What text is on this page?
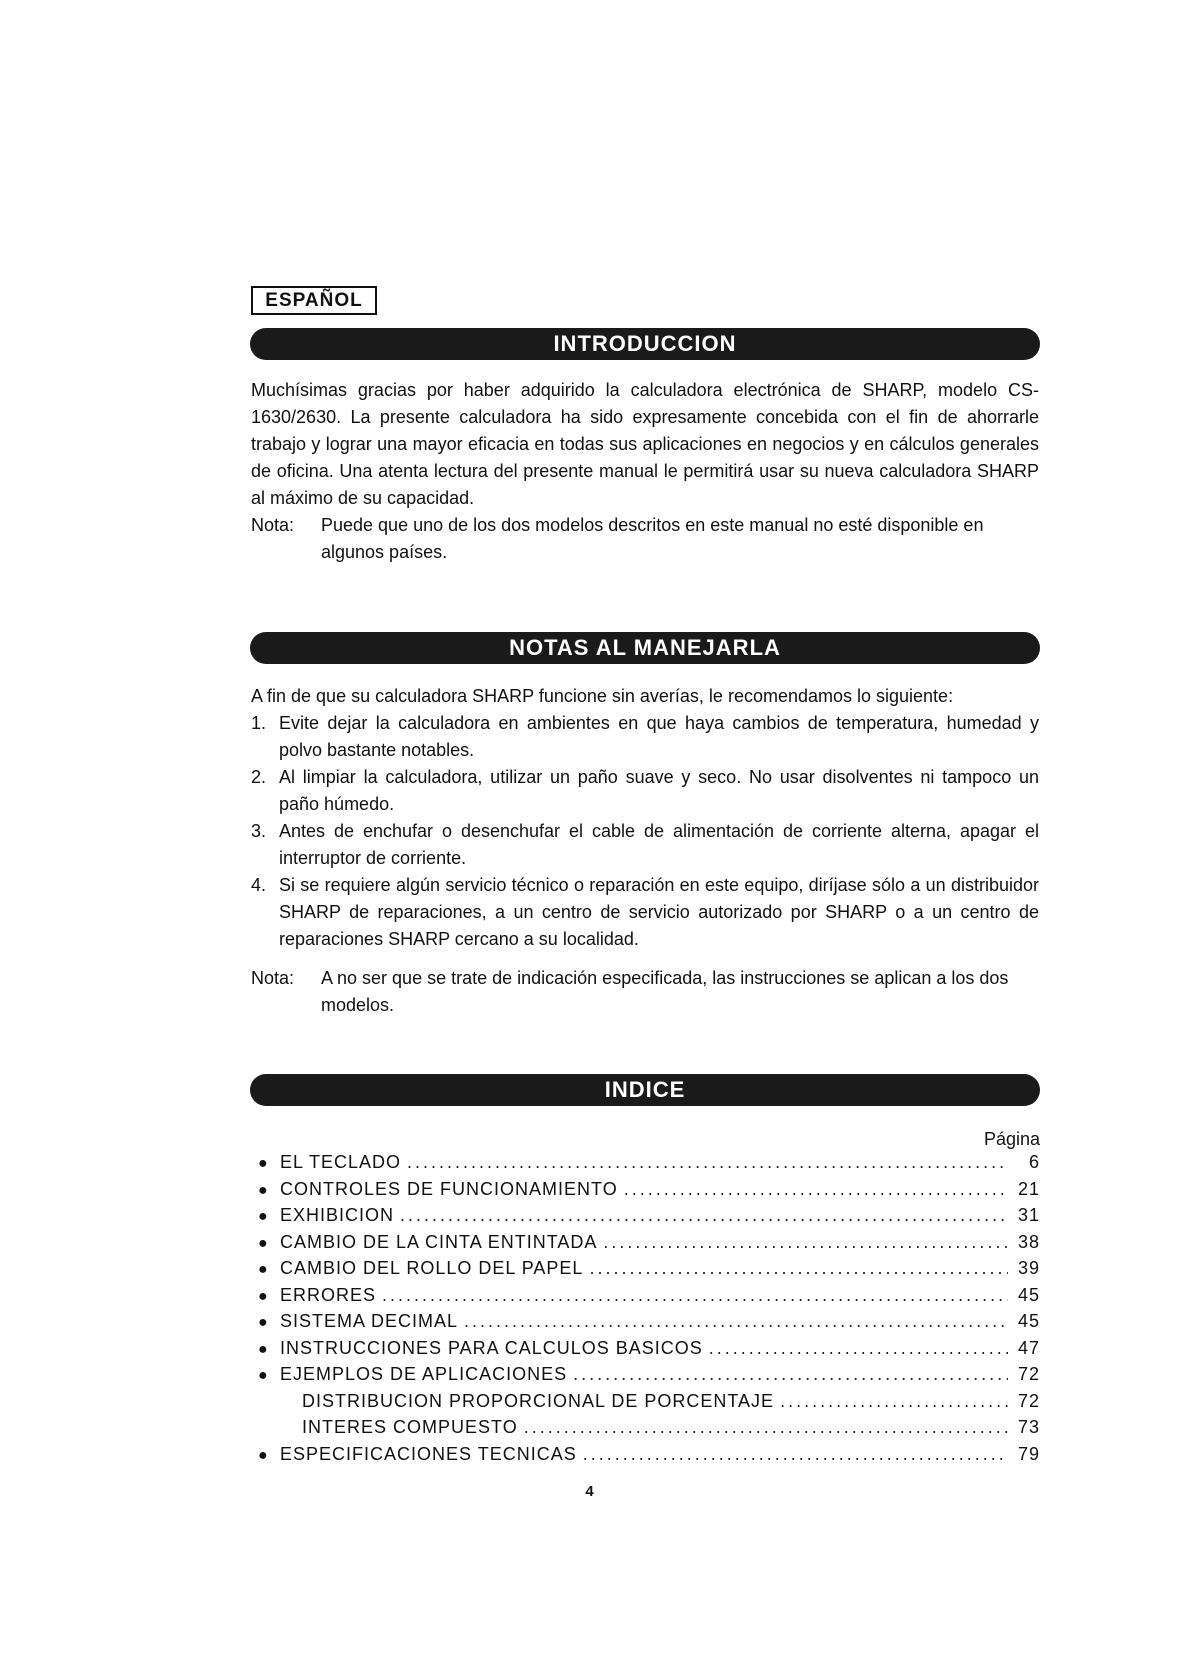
ESPAÑOL
INTRODUCCION

Muchísimas gracias por haber adquirido la calculadora electrónica de SHARP, modelo CS-1630/2630. La presente calculadora ha sido expresamente concebida con el fin de ahorrarle trabajo y lograr una mayor eficacia en todas sus aplicaciones en negocios y en cálculos generales de oficina. Una atenta lectura del presente manual le permitirá usar su nueva calculadora SHARP al máximo de su capacidad.

Nota:	Puede que uno de los dos modelos descritos en este manual no esté disponible en algunos países.
NOTAS AL MANEJARLA

A fin de que su calculadora SHARP funcione sin averías, le recomendamos lo siguiente:

1. Evite dejar la calculadora en ambientes en que haya cambios de temperatura, humedad y polvo bastante notables.
2. Al limpiar la calculadora, utilizar un paño suave y seco. No usar disolventes ni tampoco un paño húmedo.
3. Antes de enchufar o desenchufar el cable de alimentación de corriente alterna, apagar el interruptor de corriente.
4. Si se requiere algún servicio técnico o reparación en este equipo, diríjase sólo a un distribuidor SHARP de reparaciones, a un centro de servicio autorizado por SHARP o a un centro de reparaciones SHARP cercano a su localidad.
Nota:	A no ser que se trate de indicación especificada, las instrucciones se aplican a los dos modelos.
INDICE
Página
● EL TECLADO .....	6
● CONTROLES DE FUNCIONAMIENTO .....	21
● EXHIBICION .....	31
● CAMBIO DE LA CINTA ENTINTADA .....	38
● CAMBIO DEL ROLLO DEL PAPEL .....	39
● ERRORES .....	45
● SISTEMA DECIMAL .....	45
● INSTRUCCIONES PARA CALCULOS BASICOS .....	47
● EJEMPLOS DE APLICACIONES .....	72
DISTRIBUCION PROPORCIONAL DE PORCENTAJE .....	72
INTERES COMPUESTO .....	73
● ESPECIFICACIONES TECNICAS .....	79
4
